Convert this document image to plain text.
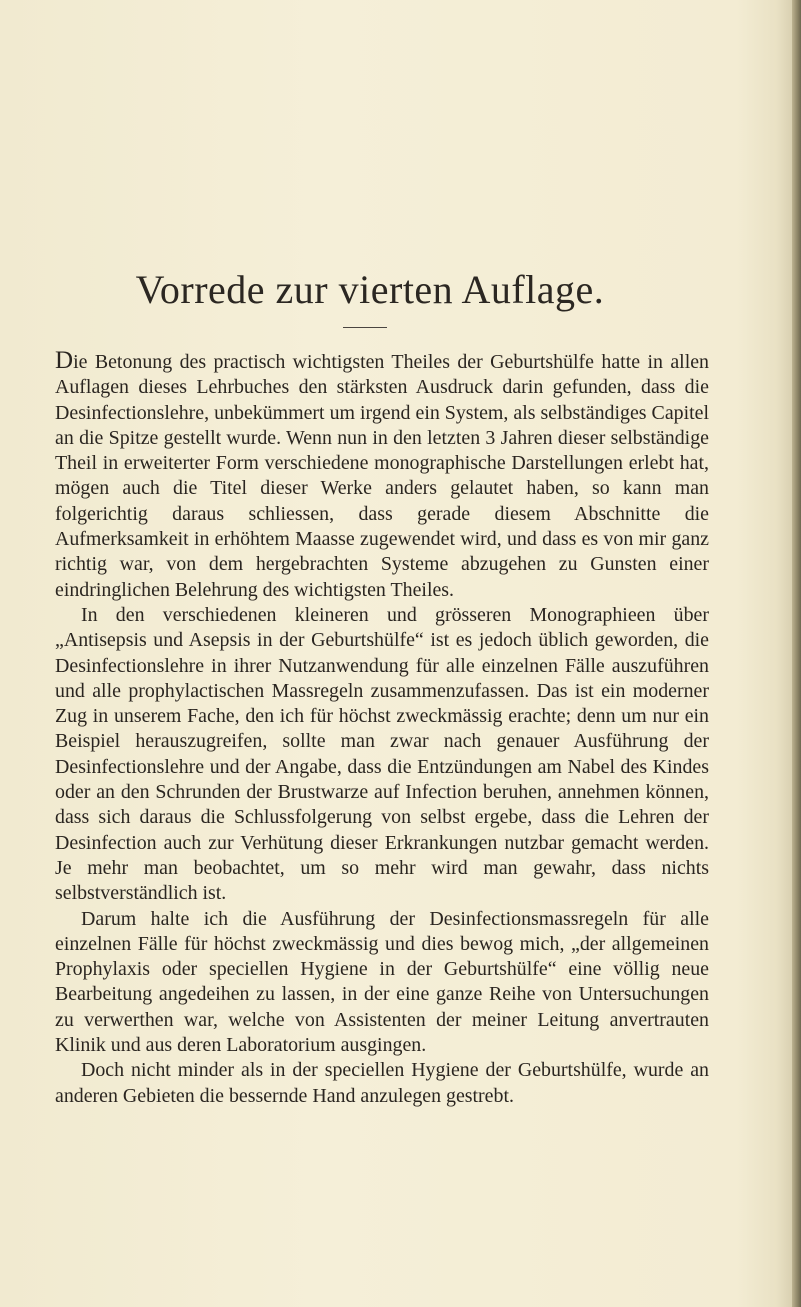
Vorrede zur vierten Auflage.

Die Betonung des practisch wichtigsten Theiles der Geburtshülfe hatte in allen Auflagen dieses Lehrbuches den stärksten Ausdruck darin gefunden, dass die Desinfectionslehre, unbekümmert um irgend ein System, als selbständiges Capitel an die Spitze gestellt wurde. Wenn nun in den letzten 3 Jahren dieser selbständige Theil in erweiterter Form verschiedene monographische Darstellungen erlebt hat, mögen auch die Titel dieser Werke anders gelautet haben, so kann man folgerichtig daraus schliessen, dass gerade diesem Abschnitte die Aufmerksamkeit in erhöhtem Maasse zugewendet wird, und dass es von mir ganz richtig war, von dem hergebrachten Systeme abzugehen zu Gunsten einer eindringlichen Belehrung des wichtigsten Theiles.

In den verschiedenen kleineren und grösseren Monographieen über „Antisepsis und Asepsis in der Geburtshülfe“ ist es jedoch üblich geworden, die Desinfectionslehre in ihrer Nutzanwendung für alle einzelnen Fälle auszuführen und alle prophylactischen Massregeln zusammenzufassen. Das ist ein moderner Zug in unserem Fache, den ich für höchst zweckmässig erachte; denn um nur ein Beispiel herauszugreifen, sollte man zwar nach genauer Ausführung der Desinfectionslehre und der Angabe, dass die Entzündungen am Nabel des Kindes oder an den Schrunden der Brustwarze auf Infection beruhen, annehmen können, dass sich daraus die Schlussfolgerung von selbst ergebe, dass die Lehren der Desinfection auch zur Verhütung dieser Erkrankungen nutzbar gemacht werden. Je mehr man beobachtet, um so mehr wird man gewahr, dass nichts selbstverständlich ist.

Darum halte ich die Ausführung der Desinfectionsmassregeln für alle einzelnen Fälle für höchst zweckmässig und dies bewog mich, „der allgemeinen Prophylaxis oder speciellen Hygiene in der Geburtshülfe“ eine völlig neue Bearbeitung angedeihen zu lassen, in der eine ganze Reihe von Untersuchungen zu verwerthen war, welche von Assistenten der meiner Leitung anvertrauten Klinik und aus deren Laboratorium ausgingen.

Doch nicht minder als in der speciellen Hygiene der Geburtshülfe, wurde an anderen Gebieten die bessernde Hand anzulegen gestrebt.
